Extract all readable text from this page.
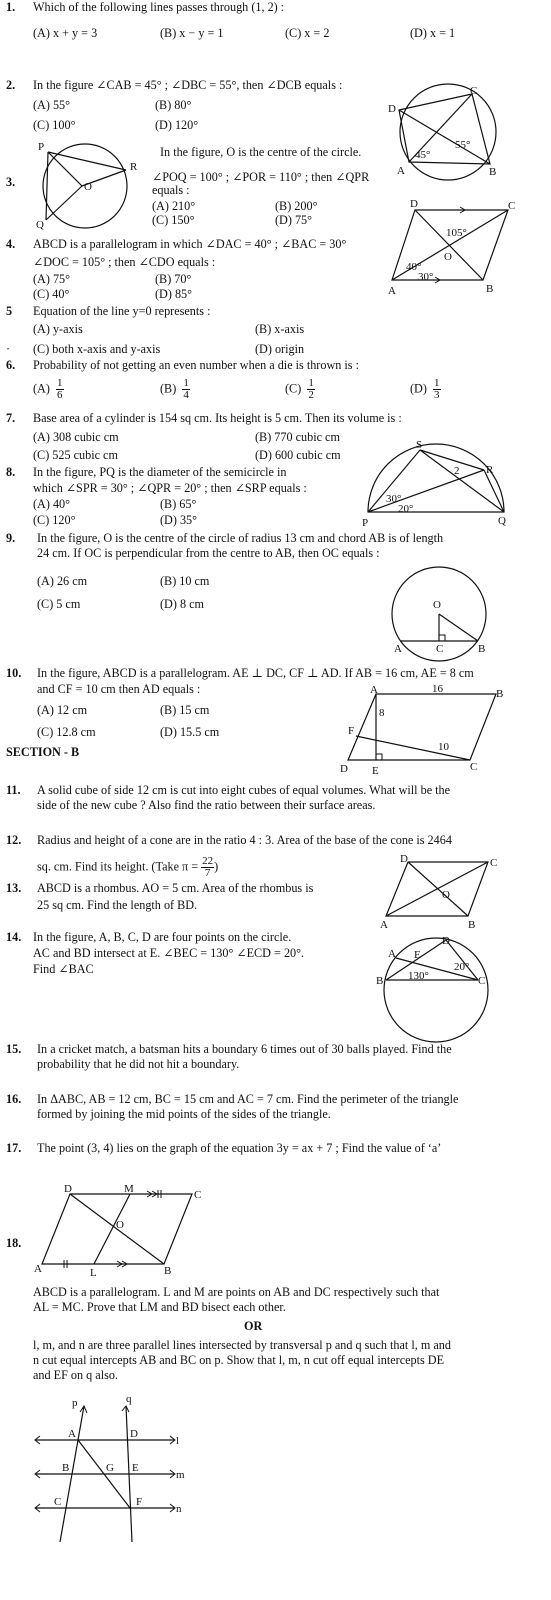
1. Which of the following lines passes through (1, 2) :
(A) x + y = 3	(B) x − y = 1	(C) x = 2	(D) x = 1
2. In the figure ∠CAB = 45° ; ∠DBC = 55°, then ∠DCB equals :
(A) 55°	(B) 80°
(C) 100°	(D) 120°
D
C
A	B
45°
55°
P
R
O
Q
3.
In the figure, O is the centre of the circle.
∠POQ = 100° ; ∠POR = 110° ; then ∠QPR
equals :
(A) 210°	(B) 200°
(C) 150°	(D) 75°
D	C
A	B
O
105°
40°
30°
4. ABCD is a parallelogram in which ∠DAC = 40° ; ∠BAC = 30°
∠DOC = 105° ; then ∠CDO equals :
(A) 75°	(B) 70°
(C) 40°	(D) 85°
5 Equation of the line y=0 represents :
(A) y-axis	(B) x-axis
· (C) both x-axis and y-axis	(D) origin
6. Probability of not getting an even number when a die is thrown is :
$(A) \frac{1}{6}$	$(B) \frac{1}{4}$	$(C) \frac{1}{2}$	$(D) \frac{1}{3}$
7. Base area of a cylinder is 154 sq cm. Its height is 5 cm. Then its volume is :
(A) 308 cubic cm	(B) 770 cubic cm
(C) 525 cubic cm	(D) 600 cubic cm
S
R
P	Q
30°
20°
2
8. In the figure, PQ is the diameter of the semicircle in
which ∠SPR = 30° ; ∠QPR = 20° ; then ∠SRP equals :
(A) 40°	(B) 65°
(C) 120°	(D) 35°
9. In the figure, O is the centre of the circle of radius 13 cm and chord AB is of length
24 cm. If OC is perpendicular from the centre to AB, then OC equals :
(A) 26 cm	(B) 10 cm
(C) 5 cm	(D) 8 cm	O
A	C	B
10. In the figure, ABCD is a parallelogram. AE ⊥ DC, CF ⊥ AD. If AB = 16 cm, AE = 8 cm
and CF = 10 cm then AD equals :
(A) 12 cm	(B) 15 cm
(C) 12.8 cm	(D) 15.5 cm
SECTION - B
A	B
C
D E
F
16
8
10
11. A solid cube of side 12 cm is cut into eight cubes of equal volumes. What will be the
side of the new cube ? Also find the ratio between their surface areas.
12. Radius and height of a cone are in the ratio 4 : 3. Area of the base of the cone is 2464
sq. cm. Find its height. (Take $\pi = \frac{22}{7}$ )
13. ABCD is a rhombus. AO = 5 cm. Area of the rhombus is
25 sq cm. Find the length of BD.
D	C
A	B
O
14. In the figure, A, B, C, D are four points on the circle.
AC and BD intersect at E. ∠BEC = 130° ∠ECD = 20°.
Find ∠BAC
A
D
B	C
E
130°
20°
15. In a cricket match, a batsman hits a boundary 6 times out of 30 balls played. Find the
probability that he did not hit a boundary.
16. In ΔABC, AB = 12 cm, BC = 15 cm and AC = 7 cm. Find the perimeter of the triangle
formed by joining the mid points of the sides of the triangle.
17. The point (3, 4) lies on the graph of the equation 3y = ax + 7 ; Find the value of ‘a’
D	M	C
A	L	B
O
18.
ABCD is a parallelogram. L and M are points on AB and DC respectively such that
AL = MC. Prove that LM and BD bisect each other.
OR
l, m, and n are three parallel lines intersected by transversal p and q such that l, m and
n cut equal intercepts AB and BC on p. Show that l, m, n cut off equal intercepts DE
and EF on q also.
p	q
l
m
n
A	D
B	G E
C	F
